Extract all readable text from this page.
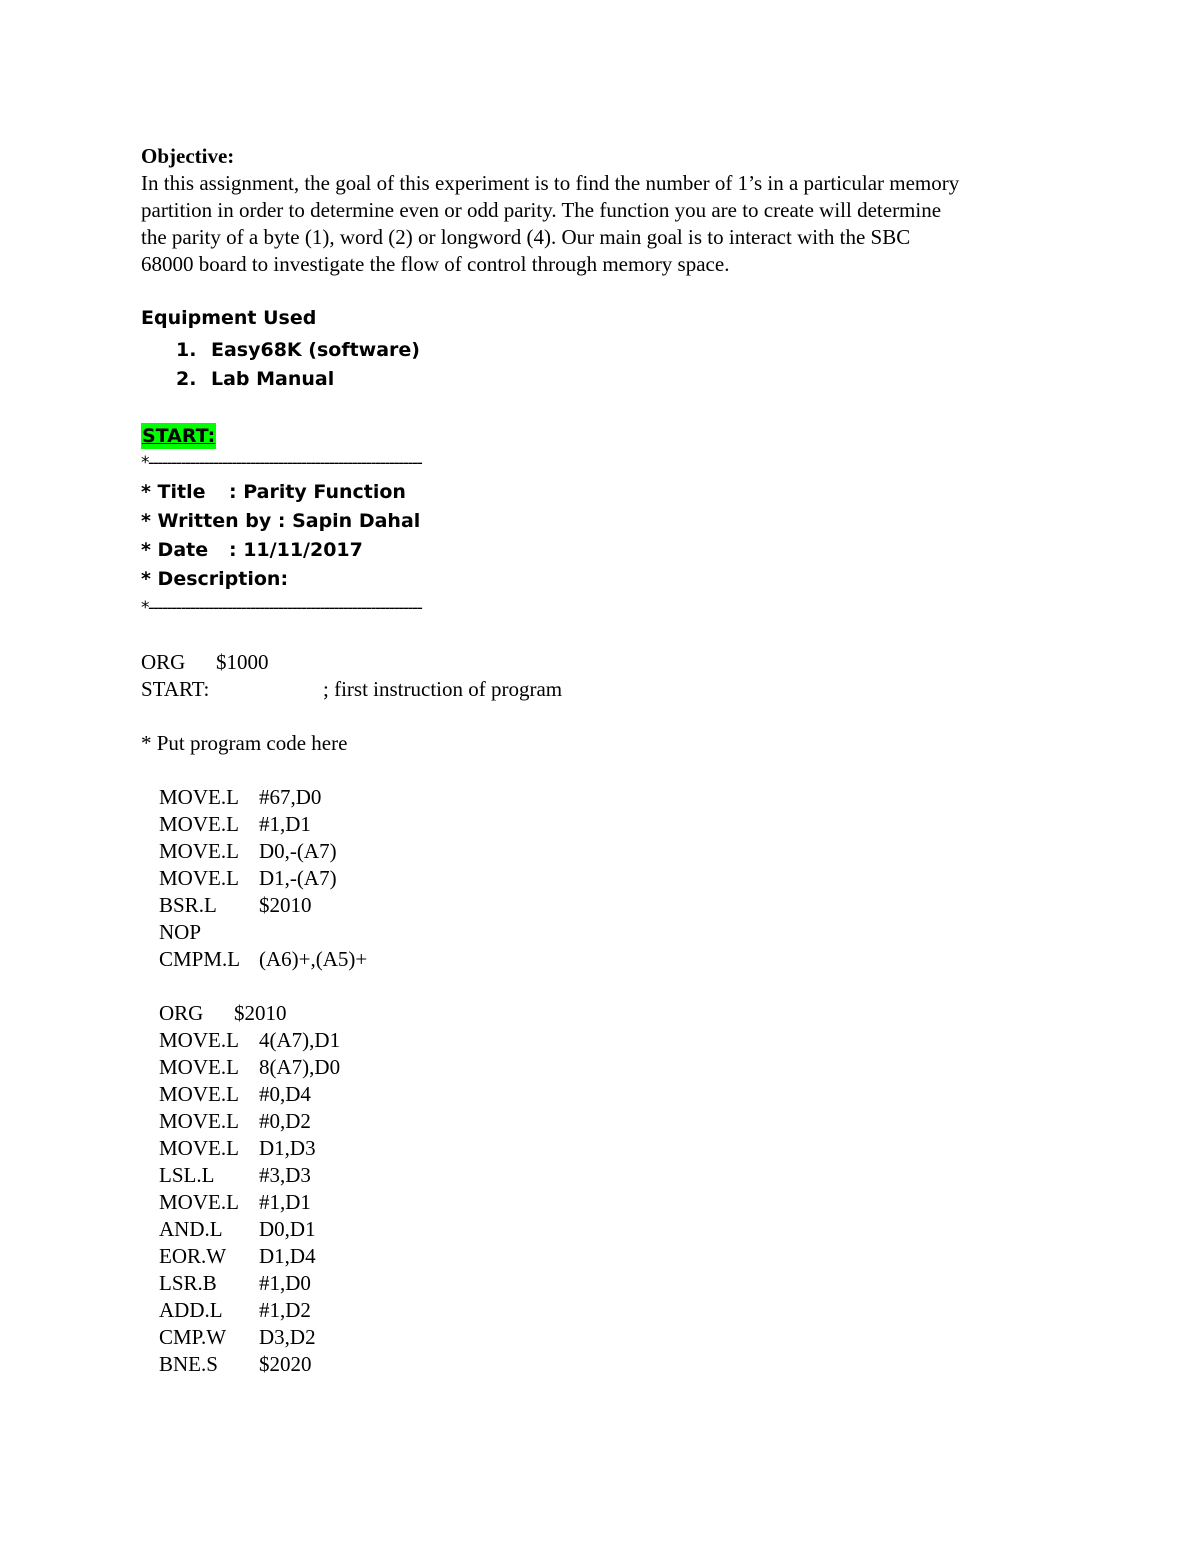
Objective:
In this assignment, the goal of this experiment is to find the number of 1’s in a particular memory
partition in order to determine even or odd parity. The function you are to create will determine
the parity of a byte (1), word (2) or longword (4). Our main goal is to interact with the SBC
68000 board to investigate the flow of control through memory space.
Equipment Used
1. Easy68K (software)
2. Lab Manual
START:
*-----------------------------------------------------------
* Title	: Parity Function
* Written by : Sapin Dahal
* Date	: 11/11/2017
* Description:
*-----------------------------------------------------------
ORG $1000
START:	; first instruction of program
* Put program code here
MOVE.L #67,D0
MOVE.L #1,D1
MOVE.L D0,-(A7)
MOVE.L D1,-(A7)
BSR.L $2010
NOP
CMPM.L (A6)+,(A5)+
ORG $2010
MOVE.L 4(A7),D1
MOVE.L 8(A7),D0
MOVE.L #0,D4
MOVE.L #0,D2
MOVE.L D1,D3
LSL.L #3,D3
MOVE.L #1,D1
AND.L D0,D1
EOR.W D1,D4
LSR.B #1,D0
ADD.L #1,D2
CMP.W D3,D2
BNE.S $2020
